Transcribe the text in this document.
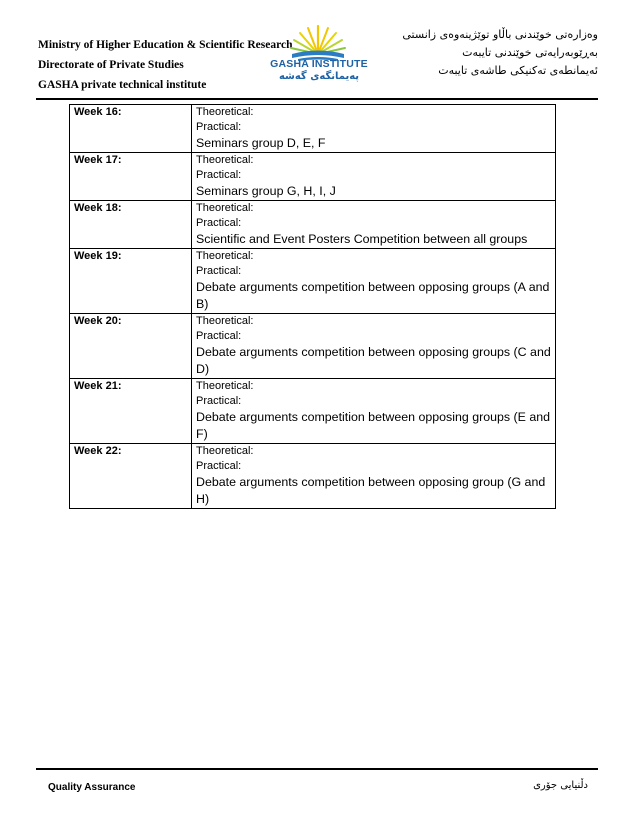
Ministry of Higher Education & Scientific Research
Directorate of Private Studies
GASHA private technical institute
GASHA INSTITUTE
پەیمانگەی گەشە
وەزارەتی خوێندنی باڵاو توێژینەوەی زانستی
بەڕێوبەرایەتی خوێندنی تایبەت
ئەیمانطەی تەکنیکی طاشەی تایبەت
Week 16:	Theoretical:
Practical:
Seminars group D, E, F

Week 17:	Theoretical:
Practical:
Seminars group G, H, I, J

Week 18:	Theoretical:
Practical:
Scientific and Event Posters Competition between all groups

Week 19:	Theoretical:
Practical:
Debate arguments competition between opposing groups (A and B)

Week 20:	Theoretical:
Practical:
Debate arguments competition between opposing groups (C and D)

Week 21:	Theoretical:
Practical:
Debate arguments competition between opposing groups (E and F)

Week 22:	Theoretical:
Practical:
Debate arguments competition between opposing group (G and H)
Quality Assurance	دڵنیایی جۆری
